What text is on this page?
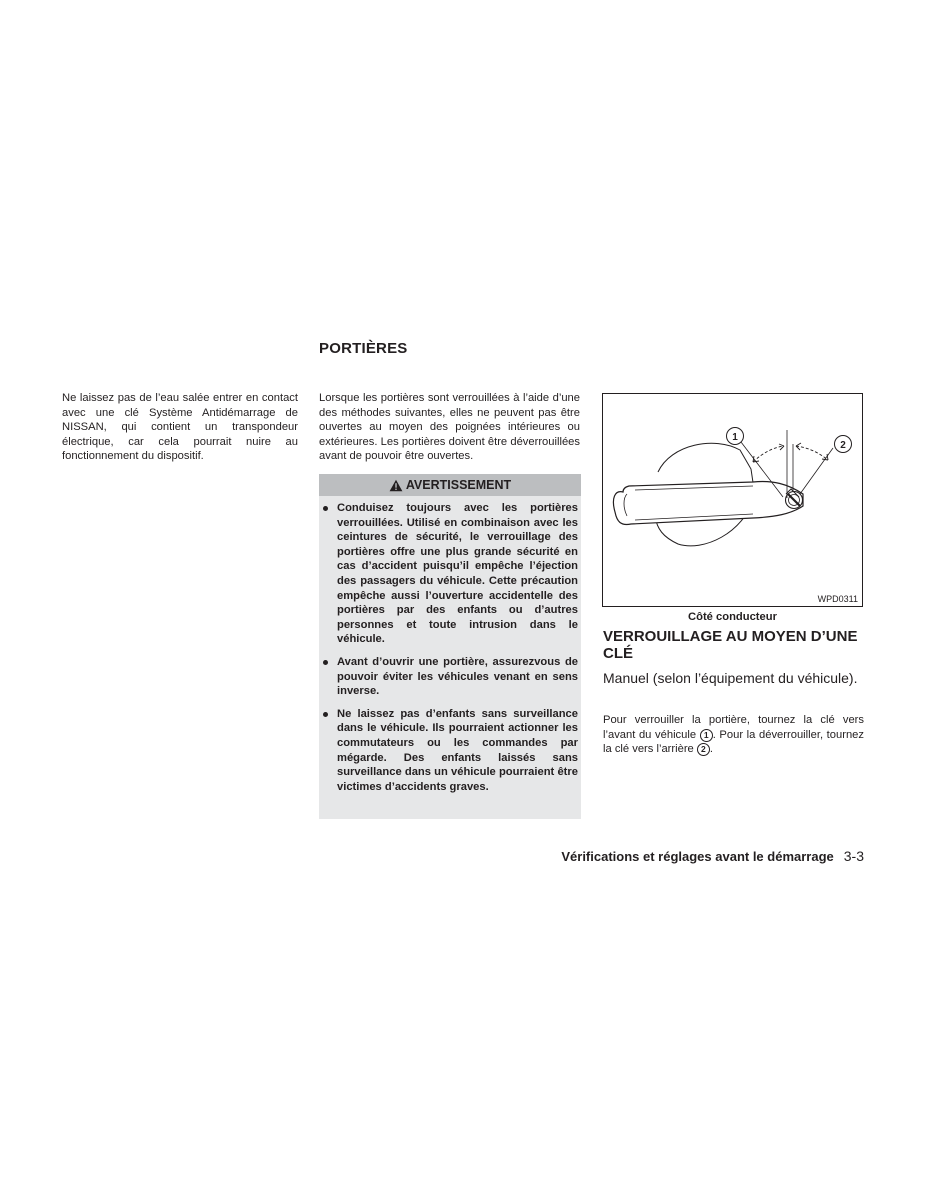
Ne laissez pas de l’eau salée entrer en contact avec une clé Système Antidémarrage de NISSAN, qui contient un transpondeur électrique, car cela pourrait nuire au fonctionnement du dispositif.

PORTIÈRES

Lorsque les portières sont verrouillées à l’aide d’une des méthodes suivantes, elles ne peuvent pas être ouvertes au moyen des poignées intérieures ou extérieures. Les portières doivent être déverrouillées avant de pouvoir être ouvertes.

AVERTISSEMENT
Conduisez toujours avec les portières verrouillées. Utilisé en combinaison avec les ceintures de sécurité, le verrouillage des portières offre une plus grande sécurité en cas d’accident puisqu’il empêche l’éjection des passagers du véhicule. Cette précaution empêche aussi l’ouverture accidentelle des portières par des enfants ou d’autres personnes et toute intrusion dans le véhicule.
Avant d’ouvrir une portière, assurezvous de pouvoir éviter les véhicules venant en sens inverse.
Ne laissez pas d’enfants sans surveillance dans le véhicule. Ils pourraient actionner les commutateurs ou les commandes par mégarde. Des enfants laissés sans surveillance dans un véhicule pourraient être victimes d’accidents graves.
1
2
WPD0311
Côté conducteur
VERROUILLAGE AU MOYEN D’UNE CLÉ
Manuel (selon l’équipement du véhicule).

Pour verrouiller la portière, tournez la clé vers l’avant du véhicule 1 . Pour la déverrouiller, tournez la clé vers l’arrière 2 .

Vérifications et réglages avant le démarrage 3-3
